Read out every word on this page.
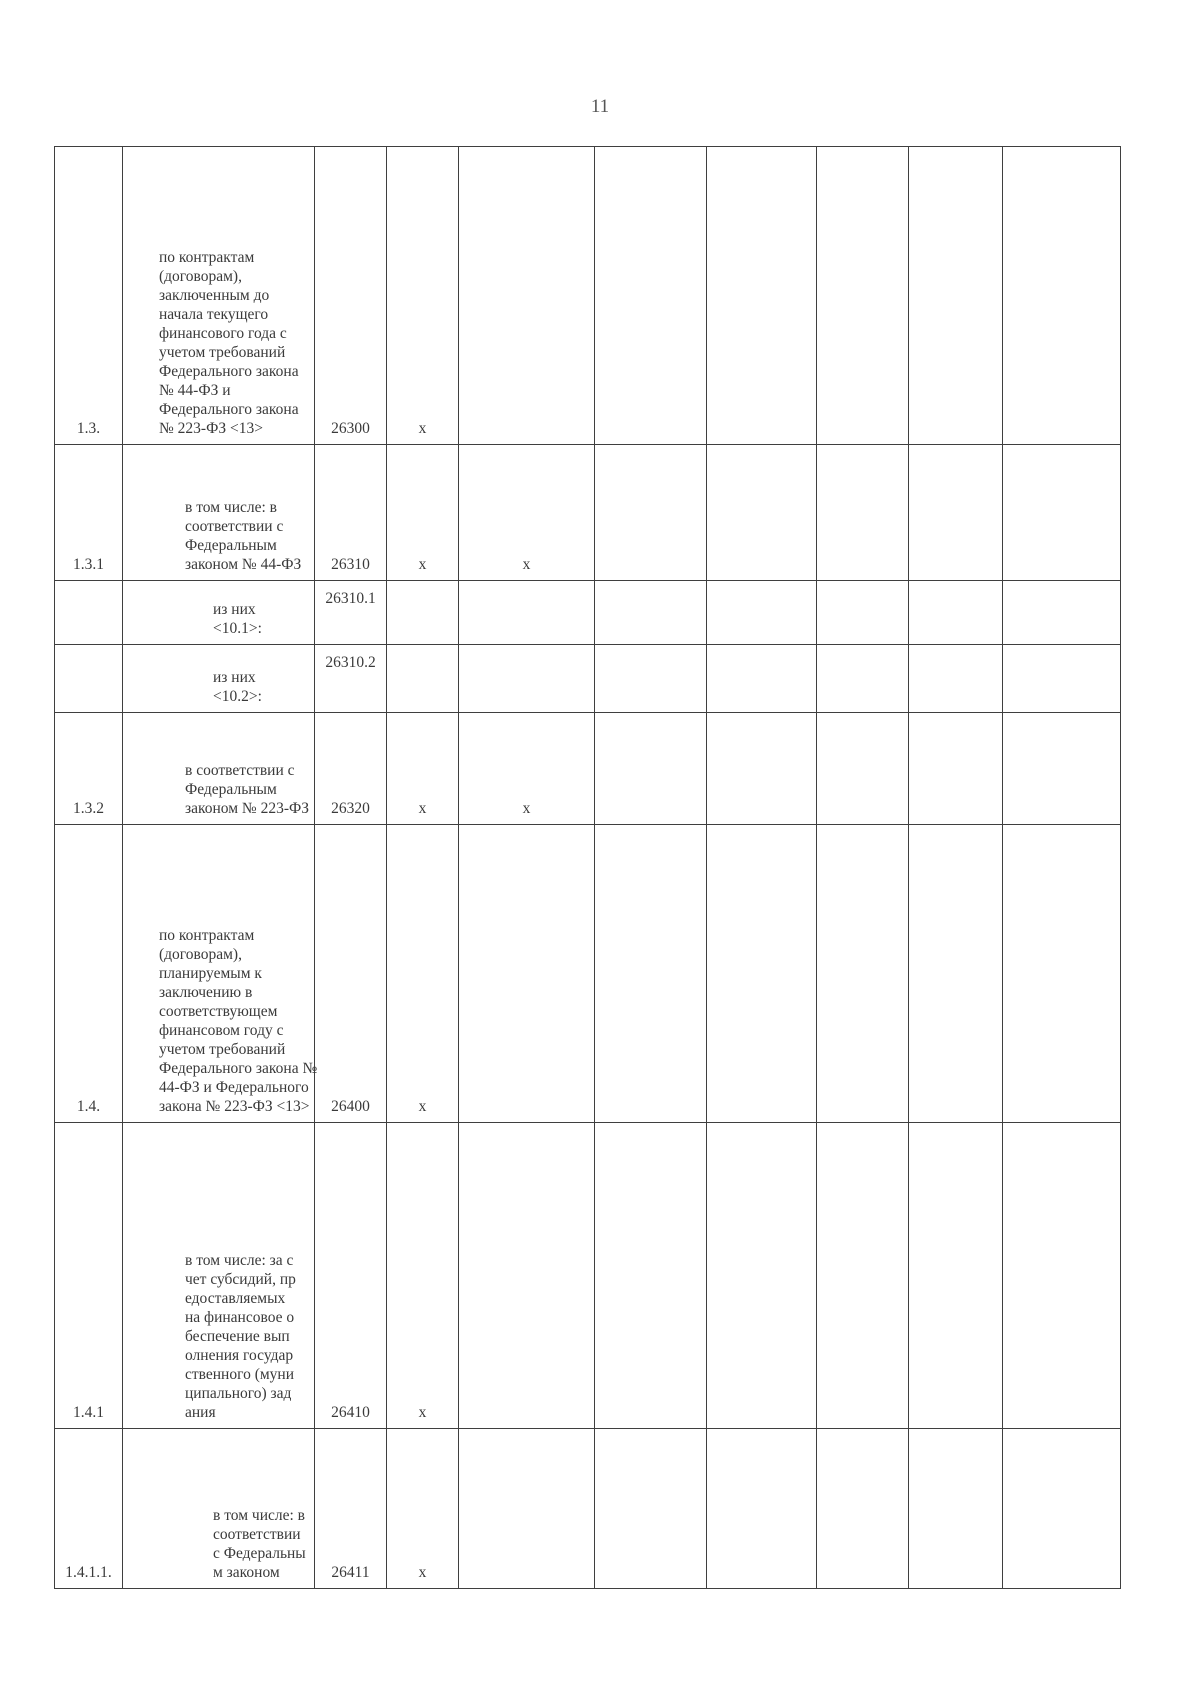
11
1.3.	по контрактам (договорам), заключенным до начала текущего финансового года с учетом требований Федерального закона № 44-ФЗ и Федерального закона № 223-ФЗ <13>	26300	х						
1.3.1	в том числе: в соответствии с Федеральным законом № 44-ФЗ	26310	х	х					

	из них <10.1>:	26310.1							

	из них <10.2>:	26310.2							
1.3.2	в соответствии с Федеральным законом № 223-ФЗ	26320	х	х					
1.4.	по контрактам (договорам), планируемым к заключению в соответствующем финансовом году с учетом требований Федерального закона № 44-ФЗ и Федерального закона № 223-ФЗ <13>	26400	х						
1.4.1	в том числе: за счет субсидий, предоставляемых на финансовое обеспечение выполнения государственного (муниципального) задания	26410	х						
1.4.1.1.	в том числе: в соответствии с Федеральным законом	26411	х						
